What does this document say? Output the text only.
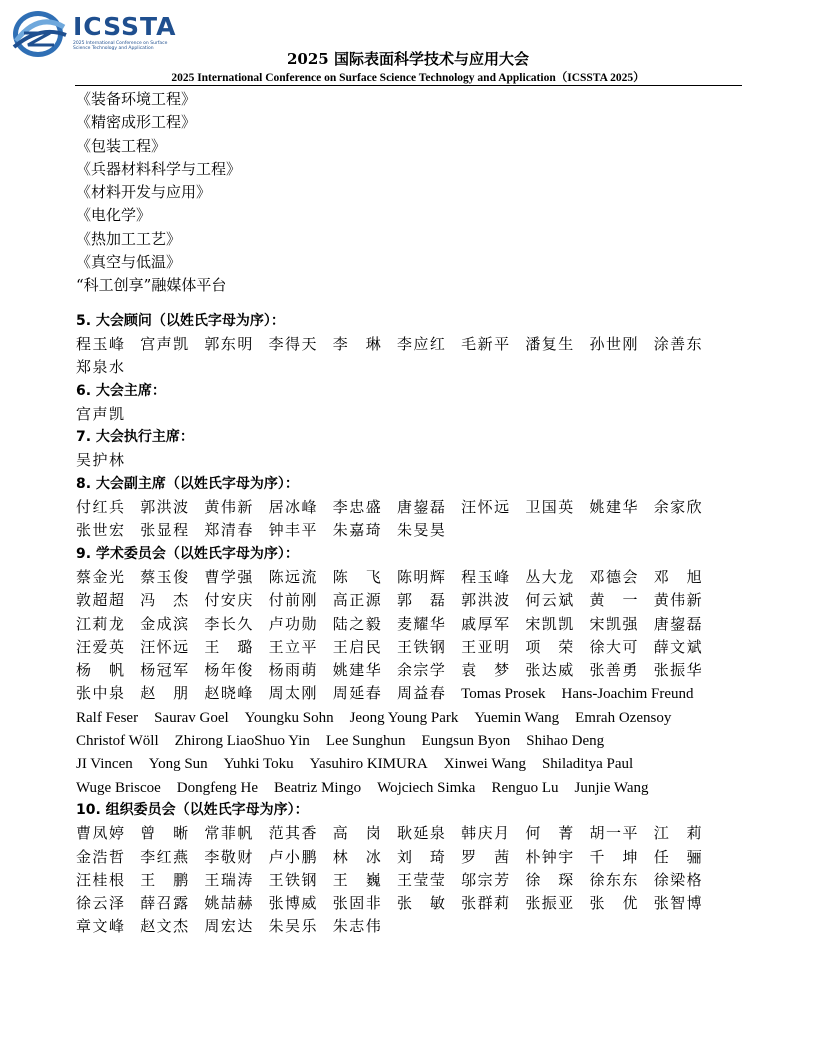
ICSSTA
2025 International Conference on Surface
Science Technology and Application
2025 国际表面科学技术与应用大会
2025 International Conference on Surface Science Technology and Application（ICSSTA 2025）
《装备环境工程》
《精密成形工程》
《包装工程》
《兵器材料科学与工程》
《材料开发与应用》
《电化学》
《热加工工艺》
《真空与低温》
“科工创享”融媒体平台
5. 大会顾问（以姓氏字母为序）：
程玉峰 宫声凯 郭东明 李得天 李　琳 李应红 毛新平 潘复生 孙世刚 涂善东
郑泉水
6. 大会主席：
宫声凯
7. 大会执行主席：
吴护林
8. 大会副主席（以姓氏字母为序）：
付红兵 郭洪波 黄伟新 居冰峰 李忠盛 唐鋆磊 汪怀远 卫国英 姚建华 余家欣
张世宏 张显程 郑清春 钟丰平 朱嘉琦 朱旻昊
9. 学术委员会（以姓氏字母为序）：
蔡金光 蔡玉俊 曹学强 陈远流 陈　飞 陈明辉 程玉峰 丛大龙 邓德会 邓　旭
敦超超 冯　杰 付安庆 付前刚 高正源 郭　磊 郭洪波 何云斌 黄　一 黄伟新
江莉龙 金成滨 李长久 卢功勋 陆之毅 麦耀华 戚厚军 宋凯凯 宋凯强 唐鋆磊
汪爱英 汪怀远 王　璐 王立平 王启民 王铁钢 王亚明 项　荣 徐大可 薛文斌
杨　帆 杨冠军 杨年俊 杨雨萌 姚建华 余宗学 袁　梦 张达威 张善勇 张振华
张中泉 赵　朋 赵晓峰 周太刚 周延春 周益春 Tomas Prosek Hans-Joachim Freund
Ralf Feser Saurav Goel Youngku Sohn Jeong Young Park Yuemin Wang Emrah Ozensoy
Christof Wöll Zhirong LiaoShuo Yin Lee Sunghun Eungsun Byon Shihao Deng
JI Vincen Yong Sun Yuhki Toku Yasuhiro KIMURA Xinwei Wang Shiladitya Paul
Wuge Briscoe Dongfeng He Beatriz Mingo Wojciech Simka Renguo Lu Junjie Wang
10. 组织委员会（以姓氏字母为序）：
曹凤婷 曾　晰 常菲帆 范其香 高　岗 耿延泉 韩庆月 何　菁 胡一平 江　莉
金浩哲 李红燕 李敬财 卢小鹏 林　冰 刘　琦 罗　茜 朴钟宇 千　坤 任　骊
汪桂根 王　鹏 王瑞涛 王铁钢 王　巍 王莹莹 邬宗芳 徐　琛 徐东东 徐梁格
徐云泽 薛召露 姚喆赫 张博威 张固非 张　敏 张群莉 张振亚 张　优 张智博
章文峰 赵文杰 周宏达 朱吴乐 朱志伟
